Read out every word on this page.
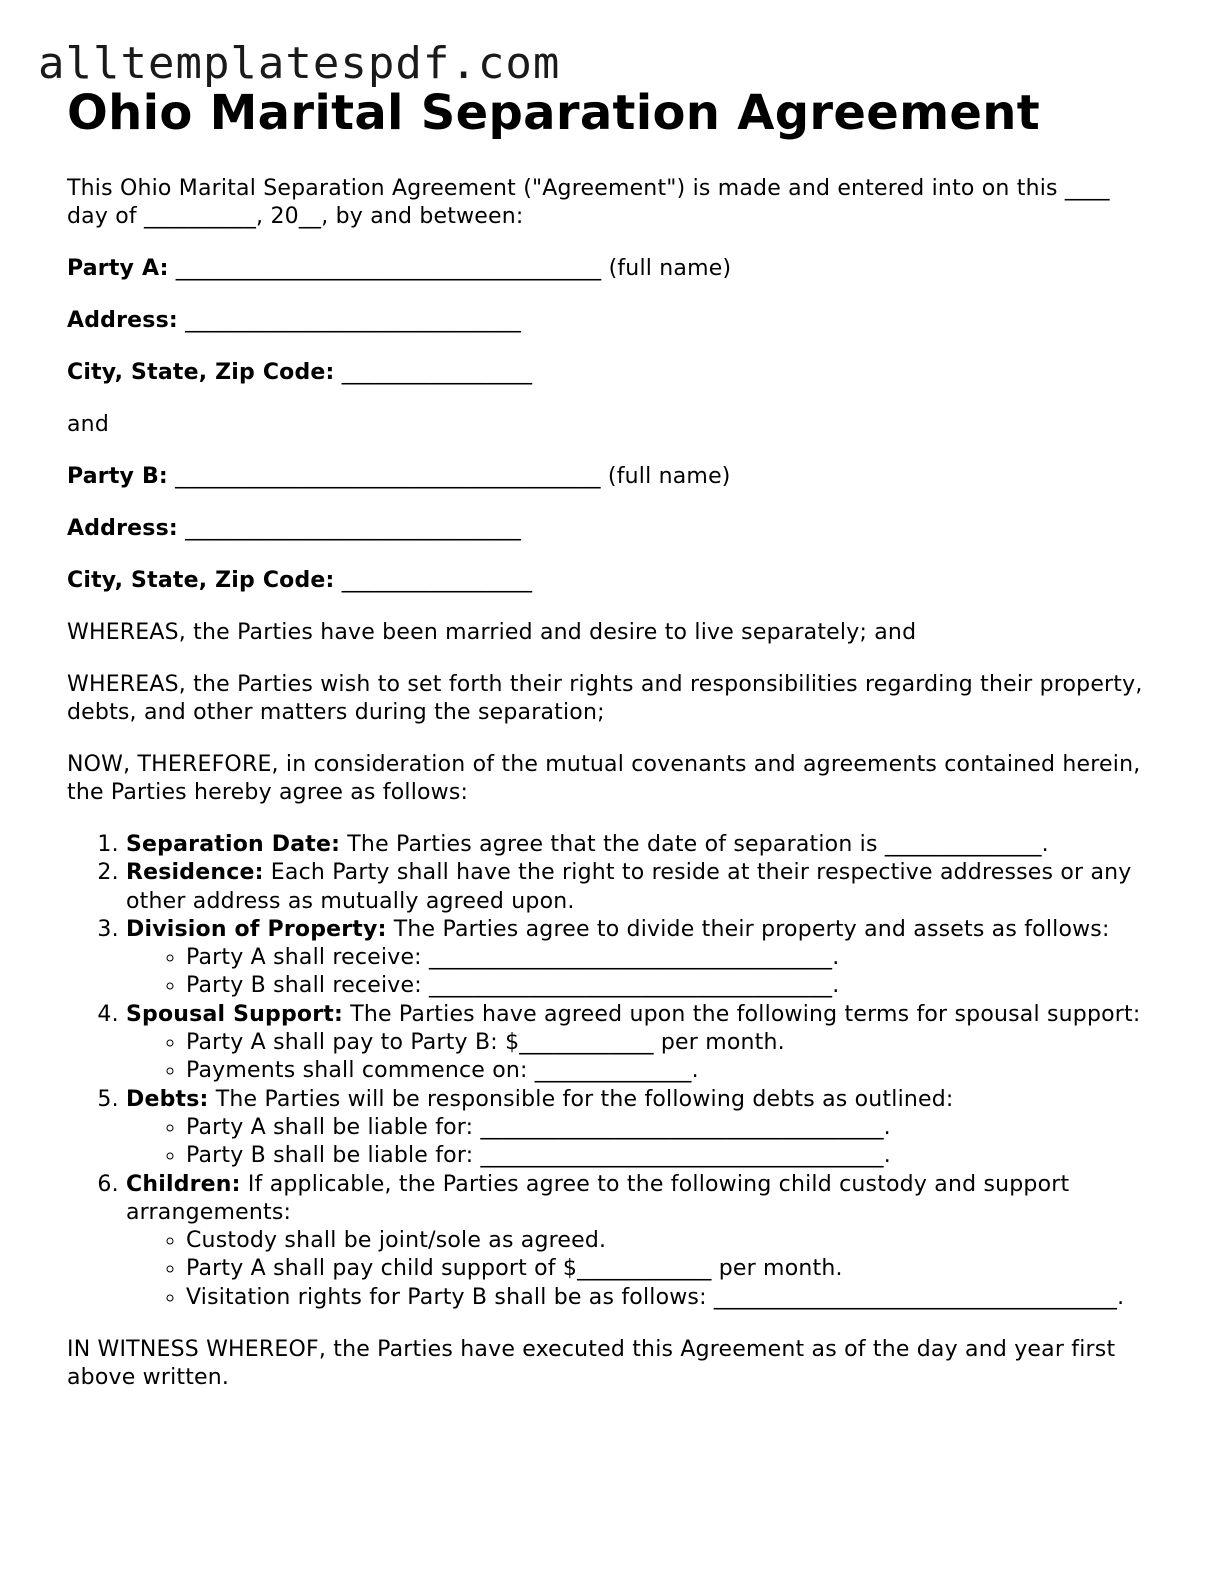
alltemplatespdf.com
Ohio Marital Separation Agreement

This Ohio Marital Separation Agreement ("Agreement") is made and entered into on this ____ day of __________, 20__, by and between:

Party A: ______________________________________ (full name)

Address: ______________________________

City, State, Zip Code: _________________

and

Party B: ______________________________________ (full name)

Address: ______________________________

City, State, Zip Code: _________________

WHEREAS, the Parties have been married and desire to live separately; and

WHEREAS, the Parties wish to set forth their rights and responsibilities regarding their property, debts, and other matters during the separation;

NOW, THEREFORE, in consideration of the mutual covenants and agreements contained herein, the Parties hereby agree as follows:

1. Separation Date: The Parties agree that the date of separation is ______________.
2. Residence: Each Party shall have the right to reside at their respective addresses or any other address as mutually agreed upon.
3. Division of Property: The Parties agree to divide their property and assets as follows:
◦ Party A shall receive: ____________________________________.
◦ Party B shall receive: ____________________________________.
4. Spousal Support: The Parties have agreed upon the following terms for spousal support:
◦ Party A shall pay to Party B: $____________ per month.
◦ Payments shall commence on: ______________.
5. Debts: The Parties will be responsible for the following debts as outlined:
◦ Party A shall be liable for: ____________________________________.
◦ Party B shall be liable for: ____________________________________.
6. Children: If applicable, the Parties agree to the following child custody and support arrangements:
◦ Custody shall be joint/sole as agreed.
◦ Party A shall pay child support of $____________ per month.
◦ Visitation rights for Party B shall be as follows: ____________________________________.

IN WITNESS WHEREOF, the Parties have executed this Agreement as of the day and year first above written.
